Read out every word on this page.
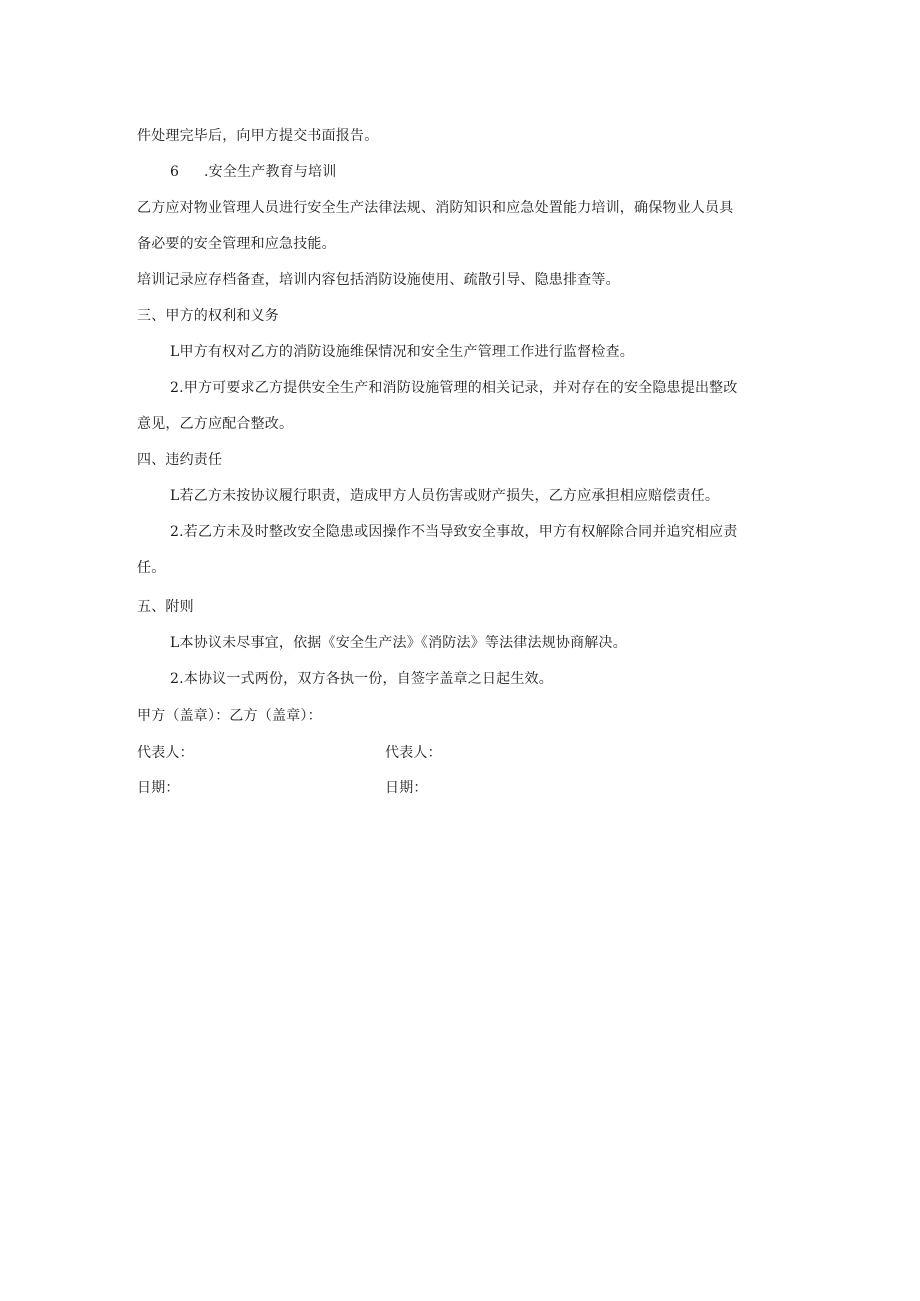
件处理完毕后，向甲方提交书面报告。
6 .安全生产教育与培训
乙方应对物业管理人员进行安全生产法律法规、消防知识和应急处置能力培训，确保物业人员具
备必要的安全管理和应急技能。
培训记录应存档备查，培训内容包括消防设施使用、疏散引导、隐患排查等。
三、甲方的权利和义务
L甲方有权对乙方的消防设施维保情况和安全生产管理工作进行监督检查。
2.甲方可要求乙方提供安全生产和消防设施管理的相关记录，并对存在的安全隐患提出整改
意见，乙方应配合整改。
四、违约责任
L若乙方未按协议履行职责，造成甲方人员伤害或财产损失，乙方应承担相应赔偿责任。
2.若乙方未及时整改安全隐患或因操作不当导致安全事故，甲方有权解除合同并追究相应责
任。
五、附则
L本协议未尽事宜，依据《安全生产法》《消防法》等法律法规协商解决。
2.本协议一式两份，双方各执一份，自签字盖章之日起生效。
甲方（盖章）：乙方（盖章）：
代表人：	代表人：
日期：	日期：
